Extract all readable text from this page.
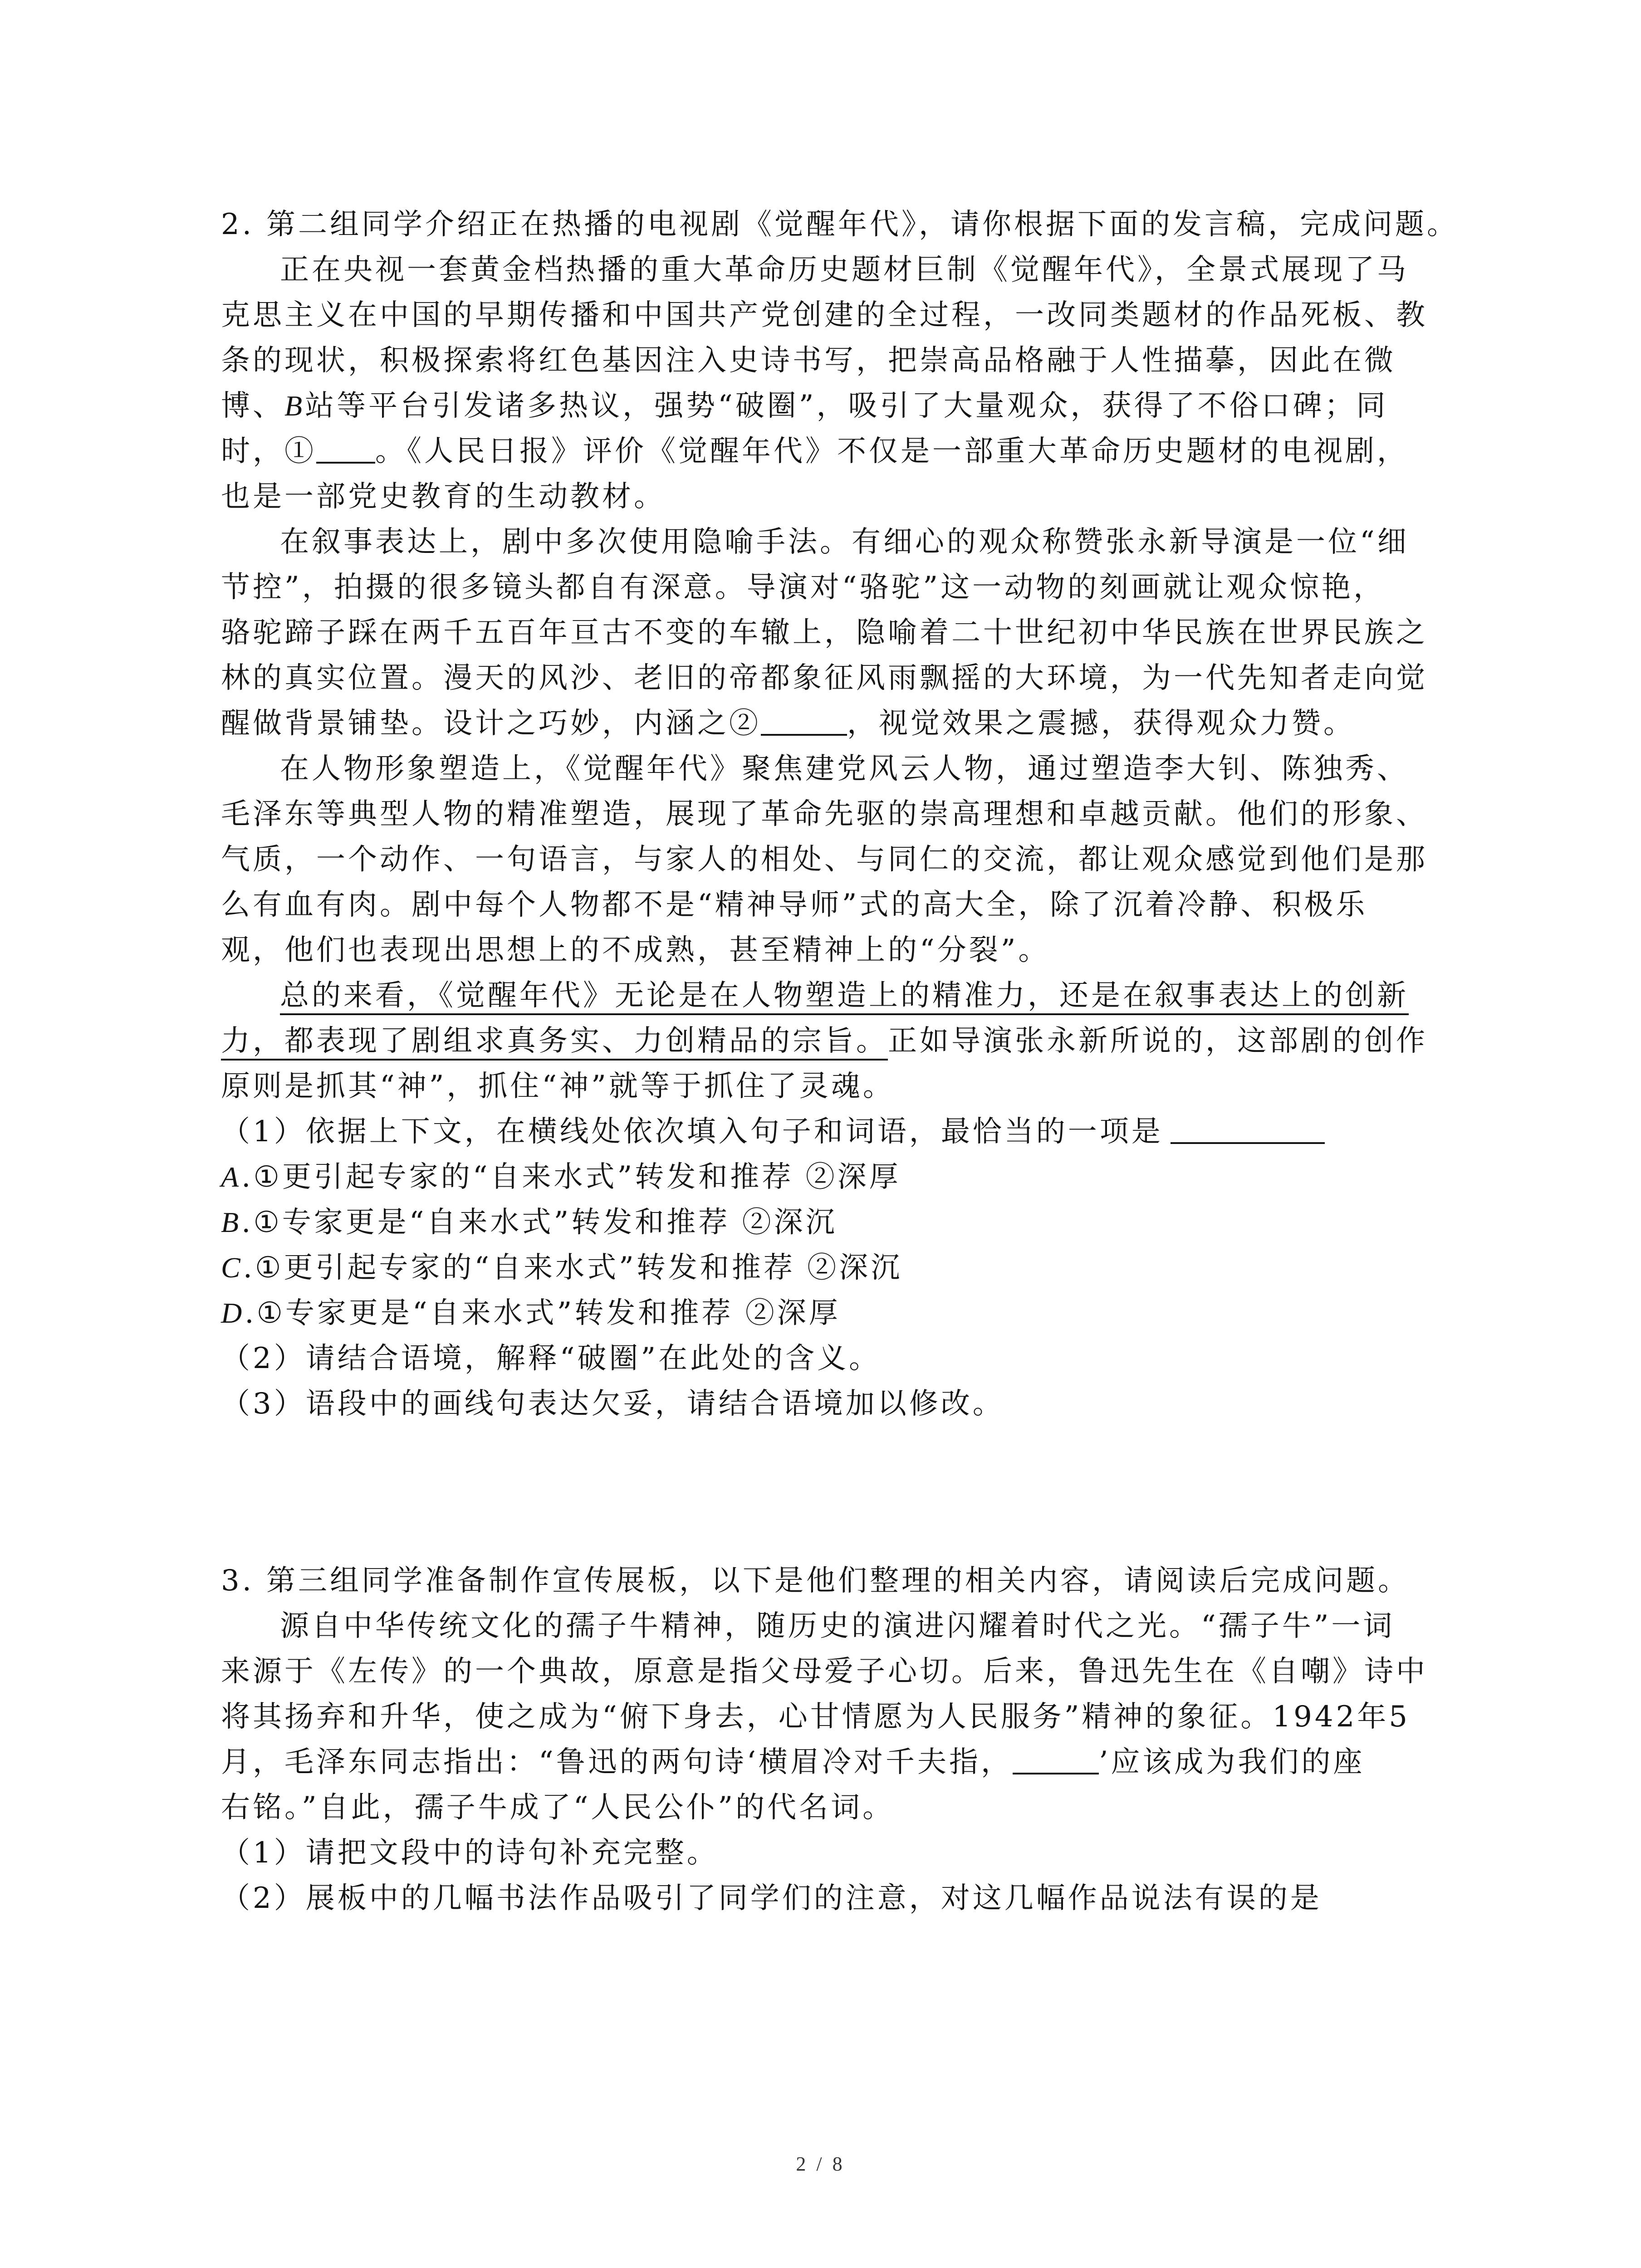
2. 第二组同学介绍正在热播的电视剧《觉醒年代》，请你根据下面的发言稿，完成问题。
正在央视一套黄金档热播的重大革命历史题材巨制《觉醒年代》，全景式展现了马
克思主义在中国的早期传播和中国共产党创建的全过程，一改同类题材的作品死板、教
条的现状，积极探索将红色基因注入史诗书写，把崇高品格融于人性描摹，因此在微
博、B站等平台引发诸多热议，强势“破圈”，吸引了大量观众，获得了不俗口碑；同
时，① 。《人民日报》评价《觉醒年代》不仅是一部重大革命历史题材的电视剧，
也是一部党史教育的生动教材。
在叙事表达上，剧中多次使用隐喻手法。有细心的观众称赞张永新导演是一位“细
节控”，拍摄的很多镜头都自有深意。导演对“骆驼”这一动物的刻画就让观众惊艳，
骆驼蹄子踩在两千五百年亘古不变的车辙上，隐喻着二十世纪初中华民族在世界民族之
林的真实位置。漫天的风沙、老旧的帝都象征风雨飘摇的大环境，为一代先知者走向觉
醒做背景铺垫。设计之巧妙，内涵之②	，视觉效果之震撼，获得观众力赞。
在人物形象塑造上，《觉醒年代》聚焦建党风云人物，通过塑造李大钊、陈独秀、
毛泽东等典型人物的精准塑造，展现了革命先驱的崇高理想和卓越贡献。他们的形象、
气质，一个动作、一句语言，与家人的相处、与同仁的交流，都让观众感觉到他们是那
么有血有肉。剧中每个人物都不是“精神导师”式的高大全，除了沉着冷静、积极乐
观，他们也表现出思想上的不成熟，甚至精神上的“分裂”。
总的来看，《觉醒年代》无论是在人物塑造上的精准力，还是在叙事表达上的创新
力，都表现了剧组求真务实、力创精品的宗旨。正如导演张永新所说的，这部剧的创作
原则是抓其“神”，抓住“神”就等于抓住了灵魂。
（1）依据上下文，在横线处依次填入句子和词语，最恰当的一项是
A.①更引起专家的“自来水式”转发和推荐 ②深厚
B.①专家更是“自来水式”转发和推荐 ②深沉
C.①更引起专家的“自来水式”转发和推荐 ②深沉
D.①专家更是“自来水式”转发和推荐 ②深厚
（2）请结合语境，解释“破圈”在此处的含义。
（3）语段中的画线句表达欠妥，请结合语境加以修改。
3. 第三组同学准备制作宣传展板，以下是他们整理的相关内容，请阅读后完成问题。
源自中华传统文化的孺子牛精神，随历史的演进闪耀着时代之光。“孺子牛”一词
来源于《左传》的一个典故，原意是指父母爱子心切。后来，鲁迅先生在《自嘲》诗中
将其扬弃和升华，使之成为“俯下身去，心甘情愿为人民服务”精神的象征。1942年5
月，毛泽东同志指出：“鲁迅的两句诗‘横眉冷对千夫指，	’应该成为我们的座
右铭。”自此，孺子牛成了“人民公仆”的代名词。
（1）请把文段中的诗句补充完整。
（2）展板中的几幅书法作品吸引了同学们的注意，对这几幅作品说法有误的是
2 / 8
